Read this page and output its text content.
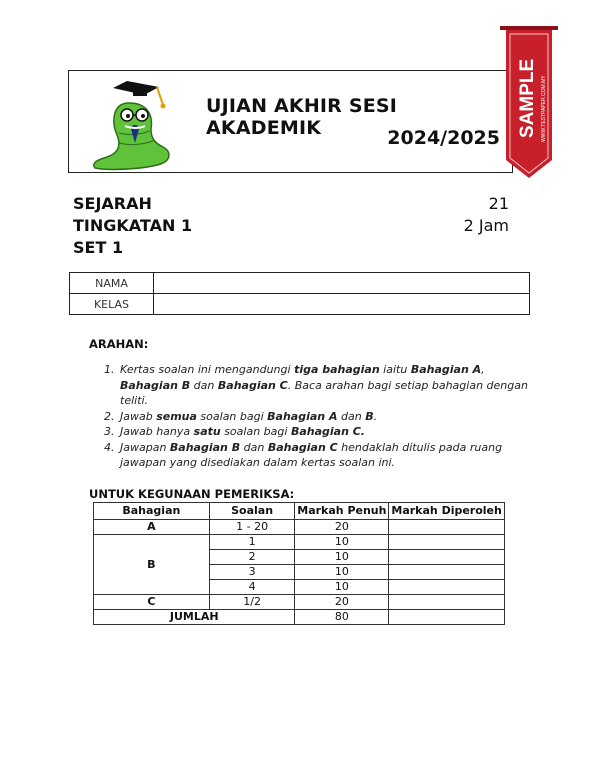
UJIAN AKHIR SESI AKADEMIK	2024/2025 SAMPLE WWW.TESTPAPER.COM.MY
SEJARAH
TINGKATAN 1
SET 1
21
2 Jam
NAMA	
KELAS	
ARAHAN:
1. Kertas soalan ini mengandungi tiga bahagian iaitu Bahagian A, Bahagian B dan Bahagian C. Baca arahan bagi setiap bahagian dengan teliti.
2. Jawab semua soalan bagi Bahagian A dan B.
3. Jawab hanya satu soalan bagi Bahagian C.
4. Jawapan Bahagian B dan Bahagian C hendaklah ditulis pada ruang jawapan yang disediakan dalam kertas soalan ini.
UNTUK KEGUNAAN PEMERIKSA:
Bahagian	Soalan	Markah Penuh	Markah Diperoleh
A	1 - 20	20	
B	1	10	
	2	10	
	3	10	
	4	10	
C	1/2	20	
JUMLAH		80	
